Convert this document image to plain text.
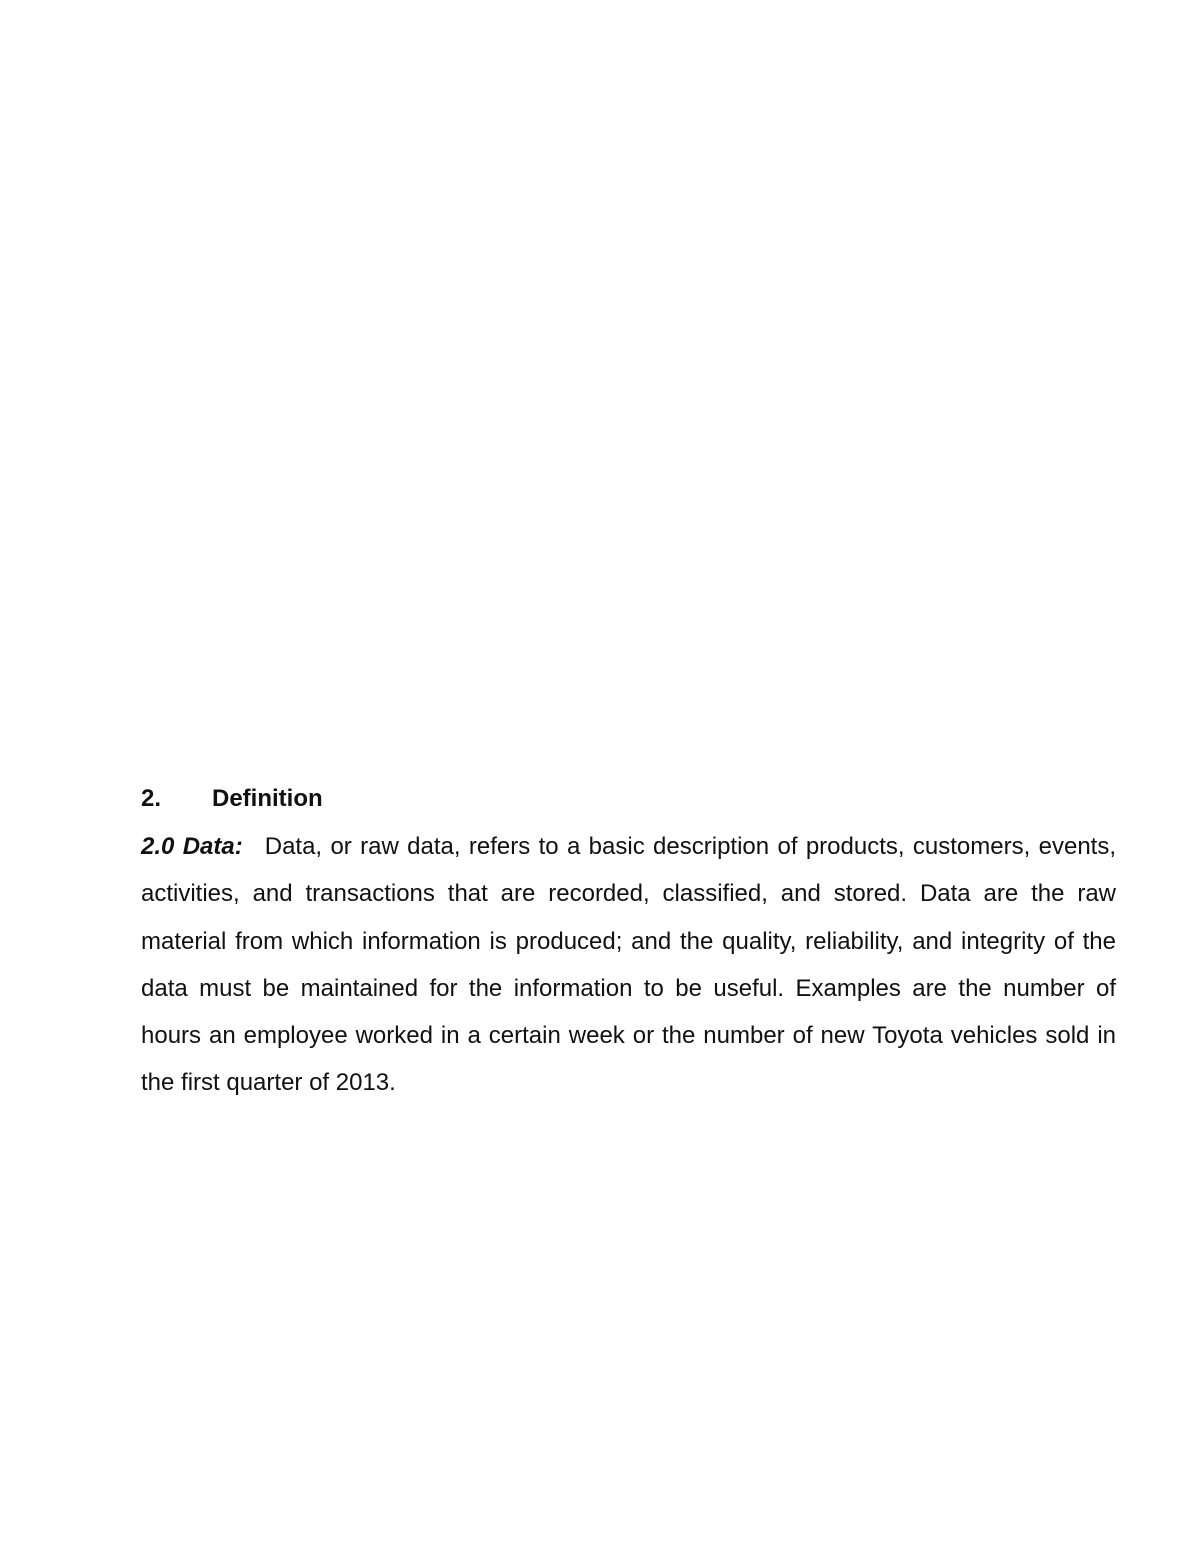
2. Definition

2.0 Data: Data, or raw data, refers to a basic description of products, customers, events, activities, and transactions that are recorded, classified, and stored. Data are the raw material from which information is produced; and the quality, reliability, and integrity of the data must be maintained for the information to be useful. Examples are the number of hours an employee worked in a certain week or the number of new Toyota vehicles sold in the first quarter of 2013.
